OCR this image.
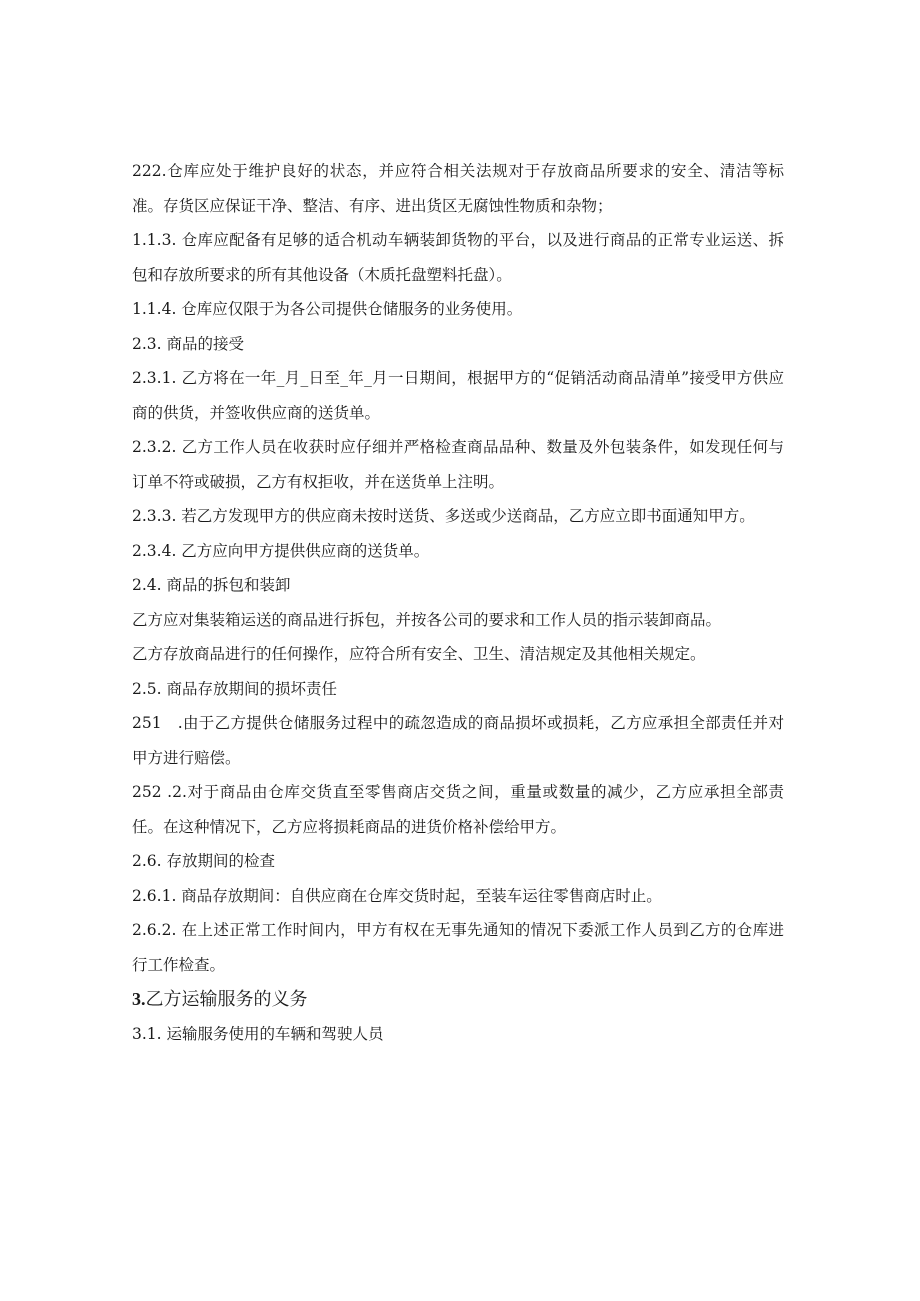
222.仓库应处于维护良好的状态，并应符合相关法规对于存放商品所要求的安全、清洁等标准。存货区应保证干净、整洁、有序、进出货区无腐蚀性物质和杂物；

1.1.3. 仓库应配备有足够的适合机动车辆装卸货物的平台，以及进行商品的正常专业运送、拆包和存放所要求的所有其他设备（木质托盘塑料托盘）。

1.1.4. 仓库应仅限于为各公司提供仓储服务的业务使用。

2.3. 商品的接受

2.3.1. 乙方将在一年_月_日至_年_月一日期间，根据甲方的“促销活动商品清单”接受甲方供应商的供货，并签收供应商的送货单。

2.3.2. 乙方工作人员在收获时应仔细并严格检查商品品种、数量及外包装条件，如发现任何与订单不符或破损，乙方有权拒收，并在送货单上注明。

2.3.3. 若乙方发现甲方的供应商未按时送货、多送或少送商品，乙方应立即书面通知甲方。

2.3.4. 乙方应向甲方提供供应商的送货单。

2.4. 商品的拆包和装卸

乙方应对集装箱运送的商品进行拆包，并按各公司的要求和工作人员的指示装卸商品。

乙方存放商品进行的任何操作，应符合所有安全、卫生、清洁规定及其他相关规定。

2.5. 商品存放期间的损坏责任

251　.由于乙方提供仓储服务过程中的疏忽造成的商品损坏或损耗，乙方应承担全部责任并对甲方进行赔偿。

252 .2.对于商品由仓库交货直至零售商店交货之间，重量或数量的减少，乙方应承担全部责任。在这种情况下，乙方应将损耗商品的进货价格补偿给甲方。

2.6. 存放期间的检查

2.6.1. 商品存放期间：自供应商在仓库交货时起，至装车运往零售商店时止。

2.6.2. 在上述正常工作时间内，甲方有权在无事先通知的情况下委派工作人员到乙方的仓库进行工作检查。

3.乙方运输服务的义务

3.1. 运输服务使用的车辆和驾驶人员
